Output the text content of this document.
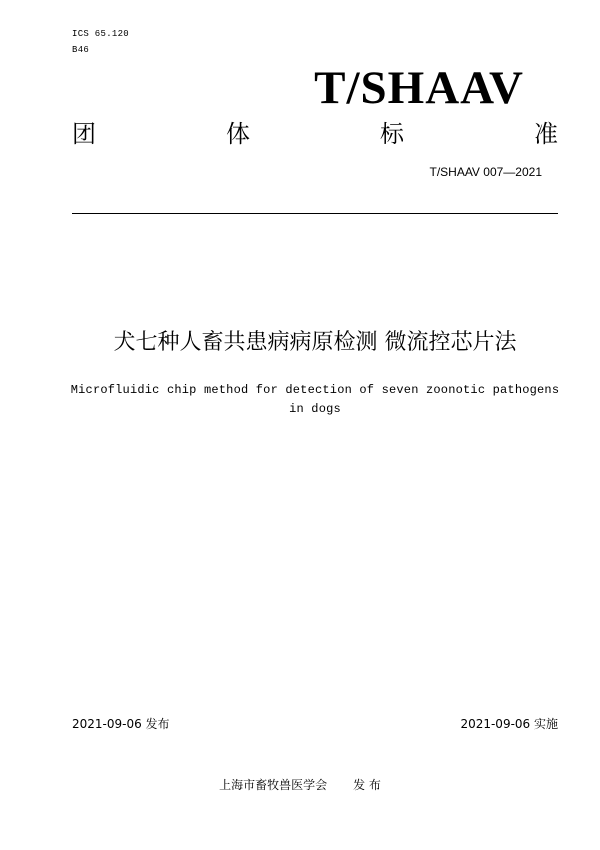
ICS 65.120
B46
T/SHAAV
团	体	标	准
T/SHAAV 007—2021
犬七种人畜共患病病原检测 微流控芯片法
Microfluidic chip method for detection of seven zoonotic pathogens in dogs
2021-09-06 发布	2021-09-06 实施
上海市畜牧兽医学会 发 布
